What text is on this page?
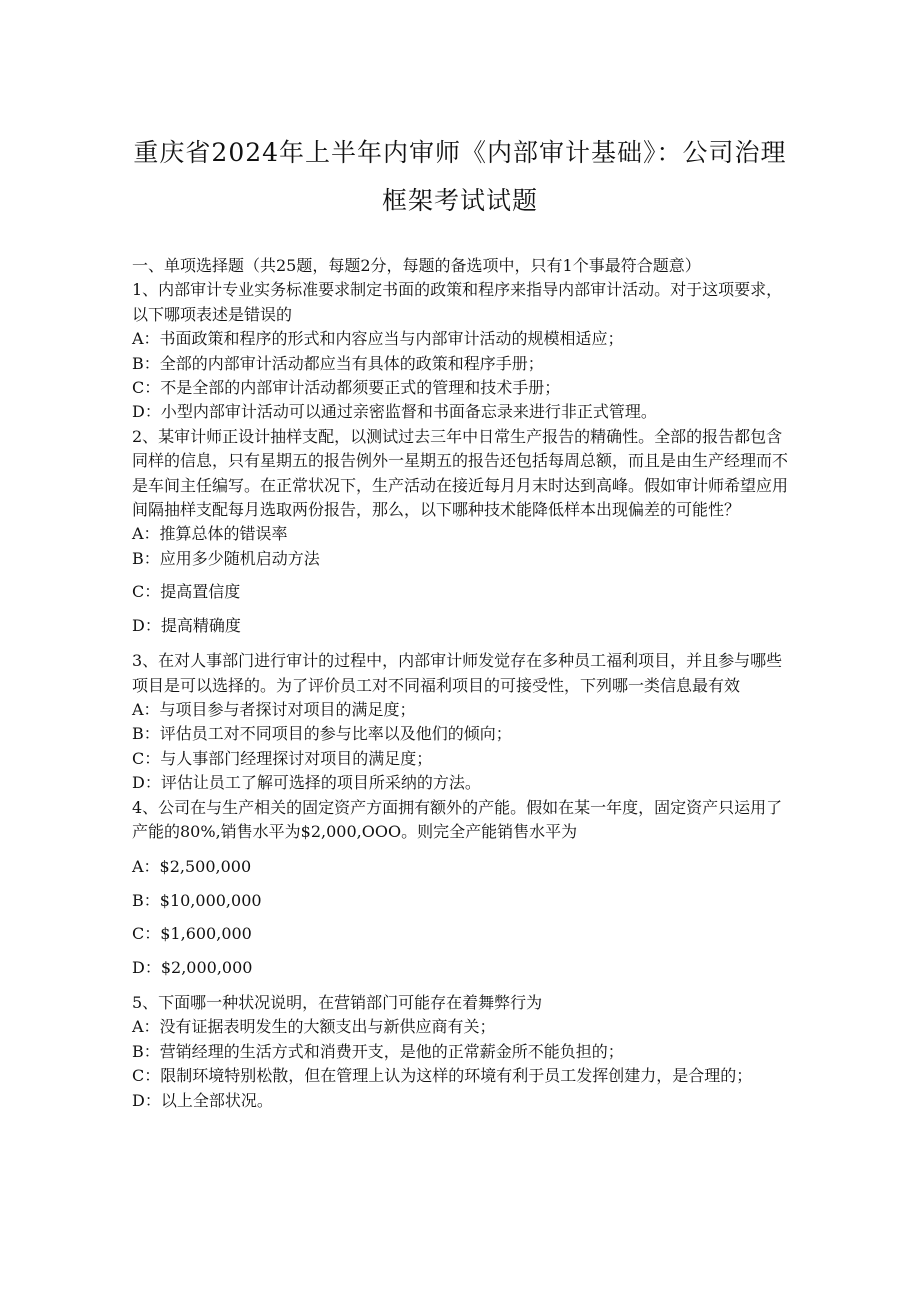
重庆省2024年上半年内审师《内部审计基础》：公司治理
框架考试试题

一、单项选择题（共25题，每题2分，每题的备选项中，只有1个事最符合题意）

1、内部审计专业实务标准要求制定书面的政策和程序来指导内部审计活动。对于这项要求，以下哪项表述是错误的

A：书面政策和程序的形式和内容应当与内部审计活动的规模相适应；

B：全部的内部审计活动都应当有具体的政策和程序手册；

C：不是全部的内部审计活动都须要正式的管理和技术手册；

D：小型内部审计活动可以通过亲密监督和书面备忘录来进行非正式管理。

2、某审计师正设计抽样支配，以测试过去三年中日常生产报告的精确性。全部的报告都包含同样的信息，只有星期五的报告例外一星期五的报告还包括每周总额，而且是由生产经理而不是车间主任编写。在正常状况下，生产活动在接近每月月末时达到高峰。假如审计师希望应用间隔抽样支配每月选取两份报告，那么，以下哪种技术能降低样本出现偏差的可能性？

A：推算总体的错误率

B：应用多少随机启动方法

C：提高置信度

D：提高精确度

3、在对人事部门进行审计的过程中，内部审计师发觉存在多种员工福利项目，并且参与哪些项目是可以选择的。为了评价员工对不同福利项目的可接受性，下列哪一类信息最有效

A：与项目参与者探讨对项目的满足度；

B：评估员工对不同项目的参与比率以及他们的倾向；

C：与人事部门经理探讨对项目的满足度；

D：评估让员工了解可选择的项目所采纳的方法。

4、公司在与生产相关的固定资产方面拥有额外的产能。假如在某一年度，固定资产只运用了产能的80%,销售水平为$2,000,OOO。则完全产能销售水平为

A：$2,500,000

B：$10,000,000

C：$1,600,000

D：$2,000,000

5、下面哪一种状况说明，在营销部门可能存在着舞弊行为

A：没有证据表明发生的大额支出与新供应商有关；

B：营销经理的生活方式和消费开支，是他的正常薪金所不能负担的；

C：限制环境特别松散，但在管理上认为这样的环境有利于员工发挥创建力，是合理的；

D：以上全部状况。
